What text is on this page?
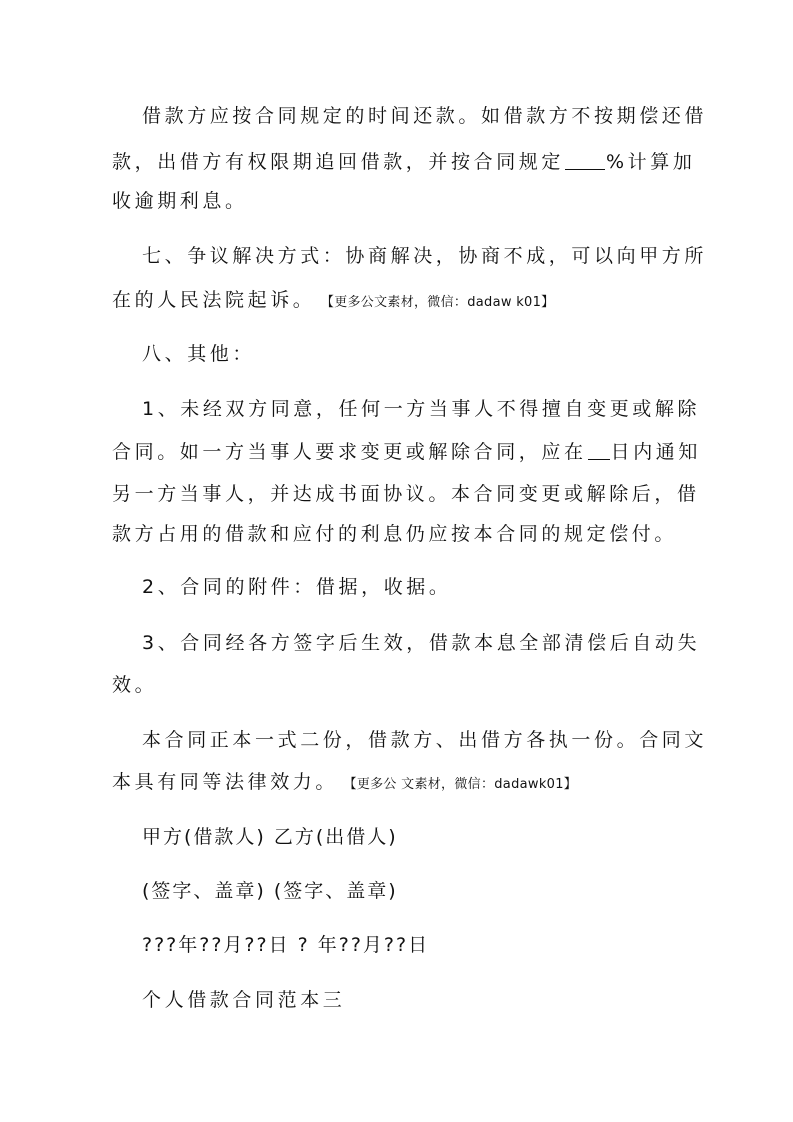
借款方应按合同规定的时间还款。如借款方不按期偿还借
款，出借方有权限期追回借款，并按合同规定 %计算加
收逾期利息。
七、争议解决方式：协商解决，协商不成，可以向甲方所
在的人民法院起诉。 【更多公文素材，微信：dadaw k01】
八、其他：
1、未经双方同意，任何一方当事人不得擅自变更或解除
合同。如一方当事人要求变更或解除合同，应在 日内通知
另一方当事人，并达成书面协议。本合同变更或解除后，借
款方占用的借款和应付的利息仍应按本合同的规定偿付。
2、合同的附件：借据，收据。
3、合同经各方签字后生效，借款本息全部清偿后自动失
效。
本合同正本一式二份，借款方、出借方各执一份。合同文
本具有同等法律效力。 【更多公 文素材，微信：dadawk01】
甲方(借款人) 乙方(出借人)
(签字、盖章) (签字、盖章)
???年??月??日 ? 年??月??日
个人借款合同范本三
